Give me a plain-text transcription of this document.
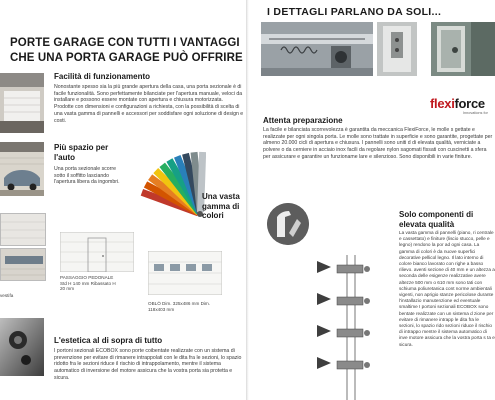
PORTE GARAGE CON TUTTI I VANTAGGI CHE UNA PORTA GARAGE PUÒ OFFRIRE
Facilità di funzionamento
Nonostante spesso sia la più grande apertura della casa, una porta sezionale è di facile funzionalità. Sono perfettamente bilanciate per l'apertura manuale, veloci da installare e possono essere montate con apertura e chiusura motorizzata. Prodotte con dimensioni e configurazioni a richiesta, con la possibilità di scelta di una vasta gamma di pannelli e accessori per soddisfare ogni soluzione di design e costi.
Più spazio per l'auto
Una porta sezionale scorre sotto il soffitto lasciando l'apertura libera da ingombri.
Una vasta gamma di colori
vestifa
PASSAGGIO PEDONALE Std H 140 mm Ribassato H 20 mm
OBLÒ Dim. 325x486 mm Dim. 118x403 mm
L'estetica al di sopra di tutto
I portoni sezionali ECOBOX sono porte coibentate realizzate con un sistema di prevenzione per evitare di rimanere intrappolati con le dita fra le sezioni, lo spazio ridotto fra le sezioni riduce il rischio di intrappolamento, mentre il sistema automatico di inversione del motore assicura che la vostra porta sia protetta e sicura.
I DETTAGLI PARLANO DA SOLI...
flexiforce
Innovations for
Attenta preparazione
La facile e bilanciata scorrevolezza è garantita da meccanica FlexiForce, le molle s gettate e realizzate per ogni singola porta. Le molle sono trattate in superficie e sono garantite, progettate per almeno 20.000 cicli di apertura e chiusura. I pannelli sono uniti d di elevata qualità, verniciate a polvere o da cerniere in acciaio inox facili da regolare nylon sagomati fissati con cuscinetti a sfera per assicurare e garantire un funzioname lare e silenzioso. Sono disponibili in varie finiture.
Solo componenti di elevata qualità
La vasta gamma di pannelli (piano, ri centrale e cassettato) e finiture (liscio stucco, pelle e legno) rendono la por ad ogni casa. La gamma di colori è da nuove superfici decorative pellicol legno. Il lato interno di colore bianco lavorato con righe a basso rilievo. aventi sezione di 40 mm e un altezza a seconda delle esigenze realizzative avere altezze 500 mm o 610 mm sono tati con schiuma poliuretanica cont norme ambientali vigenti, non aprigio stanze pericolose durante l'installazio manutenzione ed eventuale smaltime I portoni sezionali ECOBOX sono bentate realizzate con un sistema d zione per evitare di rimanere intrapp le dita fra le sezioni, lo spazio rido sezioni riduce il rischio di intrappo mentre il sistema automatico di inve motore assicura che la vostra porta s ta e sicura.
